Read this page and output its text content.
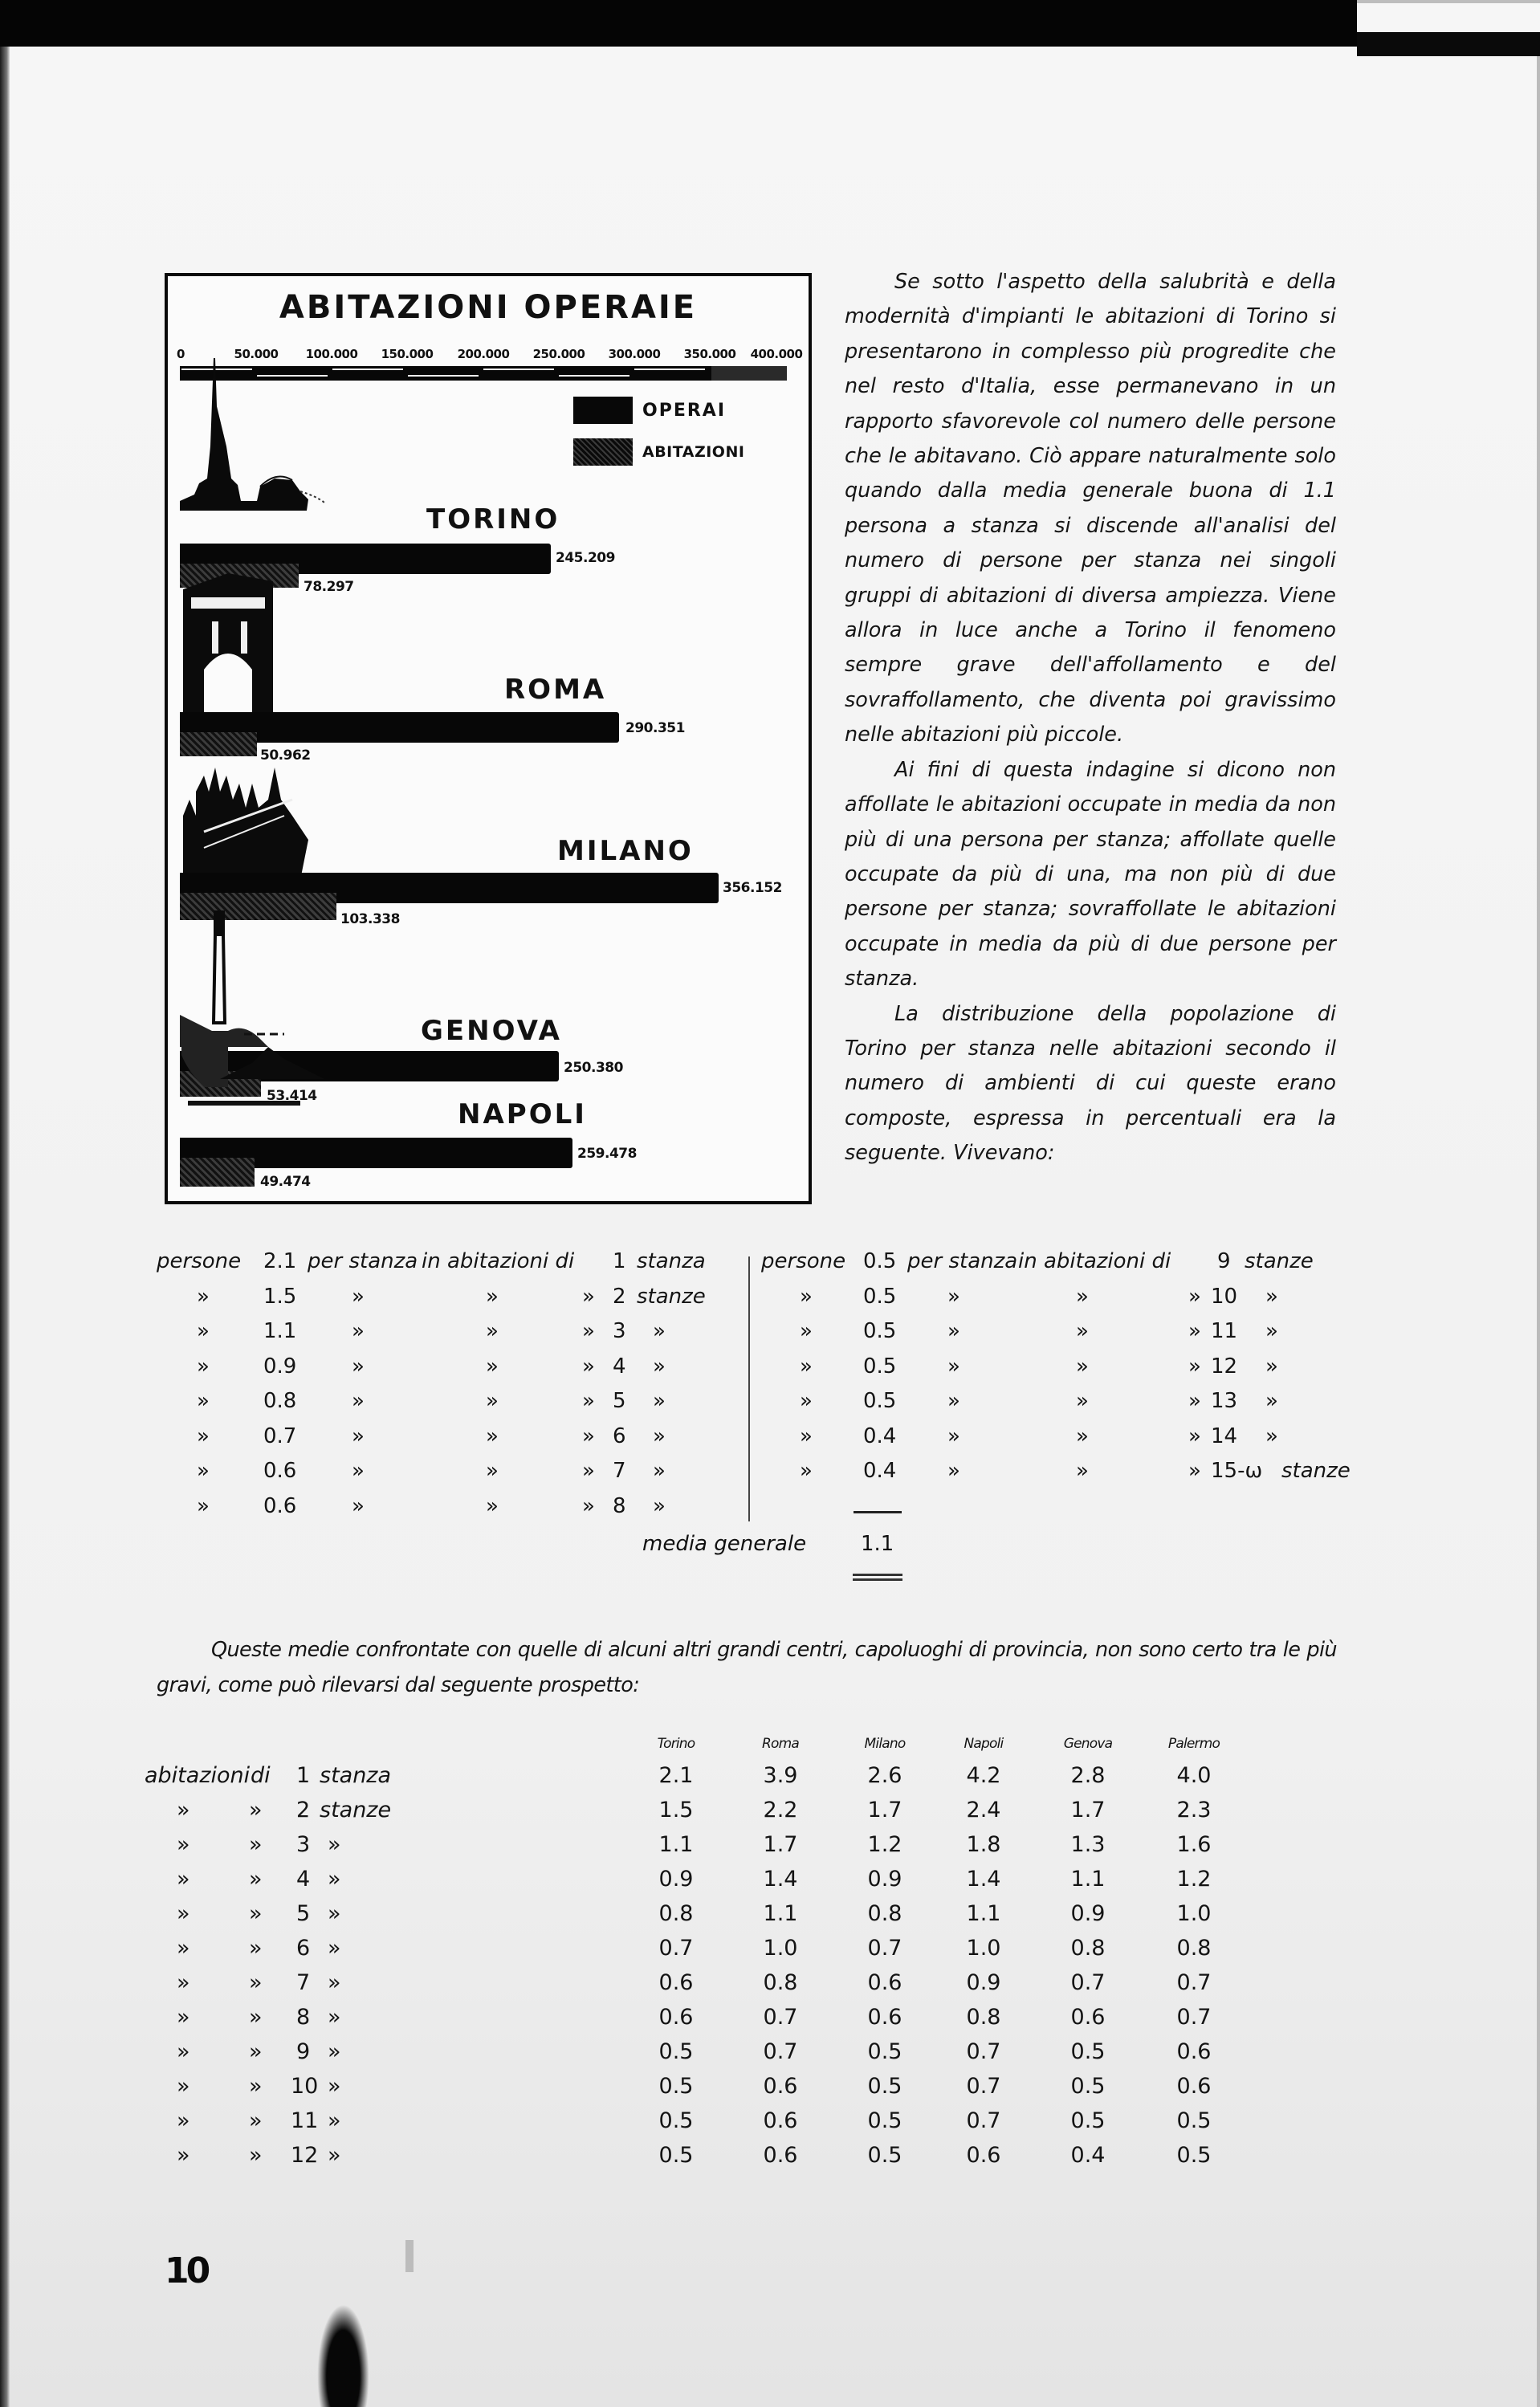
ABITAZIONI OPERAIE
0	50.000 100.000 150.000 200.000 250.000 300.000 350.000 400.000
OPERAI
ABITAZIONI
TORINO
245.209
78.297
ROMA
290.351
50.962
MILANO
356.152
103.338
GENOVA
250.380
53.414
NAPOLI
259.478
49.474

Se sotto l'aspetto della salubrità e della modernità d'impianti le abitazioni di Torino si presentarono in complesso più progredite che nel resto d'Italia, esse permanevano in un rapporto sfavorevole col numero delle persone che le abitavano. Ciò appare naturalmente solo quando dalla media generale buona di 1.1 persona a stanza si discende all'analisi del numero di persone per stanza nei singoli gruppi di abitazioni di diversa ampiezza. Viene allora in luce anche a Torino il fenomeno sempre grave dell'affollamento e del sovraffollamento, che diventa poi gravissimo nelle abitazioni più piccole.

Ai fini di questa indagine si dicono non affollate le abitazioni occupate in media da non più di una persona per stanza; affollate quelle occupate da più di una, ma non più di due persone per stanza; sovraffollate le abitazioni occupate in media da più di due persone per stanza.

La distribuzione della popolazione di Torino per stanza nelle abitazioni secondo il numero di ambienti di cui queste erano composte, espressa in percentuali era la seguente. Vivevano:

persone 2.1 per stanza in abitazioni di 1 stanza
»	1.5	»	»	» 2 stanze
»	1.1	»	»	» 3 »
»	0.9	»	»	» 4 »
»	0.8	»	»	» 5 »
»	0.7	»	»	» 6 »
»	0.6	»	»	» 7 »
»	0.6	»	»	» 8 »
persone 0.5 per stanza in abitazioni di 9 stanze
» 0.5 »	»	» 10 »
» 0.5 »	»	» 11 »
» 0.5 »	»	» 12 »
» 0.5 »	»	» 13 »
» 0.4 »	»	» 14 »
» 0.4 »	»	» 15-ω stanze
media generale	1.1
Queste medie confrontate con quelle di alcuni altri grandi centri, capoluoghi di provincia, non sono certo tra le più gravi, come può rilevarsi dal seguente prospetto:
Torino	Roma	Milano	Napoli	Genova	Palermo
abitazioni di 1 stanza	2.1	3.9	2.6	4.2	2.8	4.0
»	» 2 stanze	1.5	2.2	1.7	2.4	1.7	2.3
»	» 3 »	1.1	1.7	1.2	1.8	1.3	1.6
»	» 4 »	0.9	1.4	0.9	1.4	1.1	1.2
»	» 5 »	0.8	1.1	0.8	1.1	0.9	1.0
»	» 6 »	0.7	1.0	0.7	1.0	0.8	0.8
»	» 7 »	0.6	0.8	0.6	0.9	0.7	0.7
»	» 8 »	0.6	0.7	0.6	0.8	0.6	0.7
»	» 9 »	0.5	0.7	0.5	0.7	0.5	0.6
»	» 10 »	0.5	0.6	0.5	0.7	0.5	0.6
»	» 11 »	0.5	0.6	0.5	0.7	0.5	0.5
»	» 12 »	0.5	0.6	0.5	0.6	0.4	0.5
10
